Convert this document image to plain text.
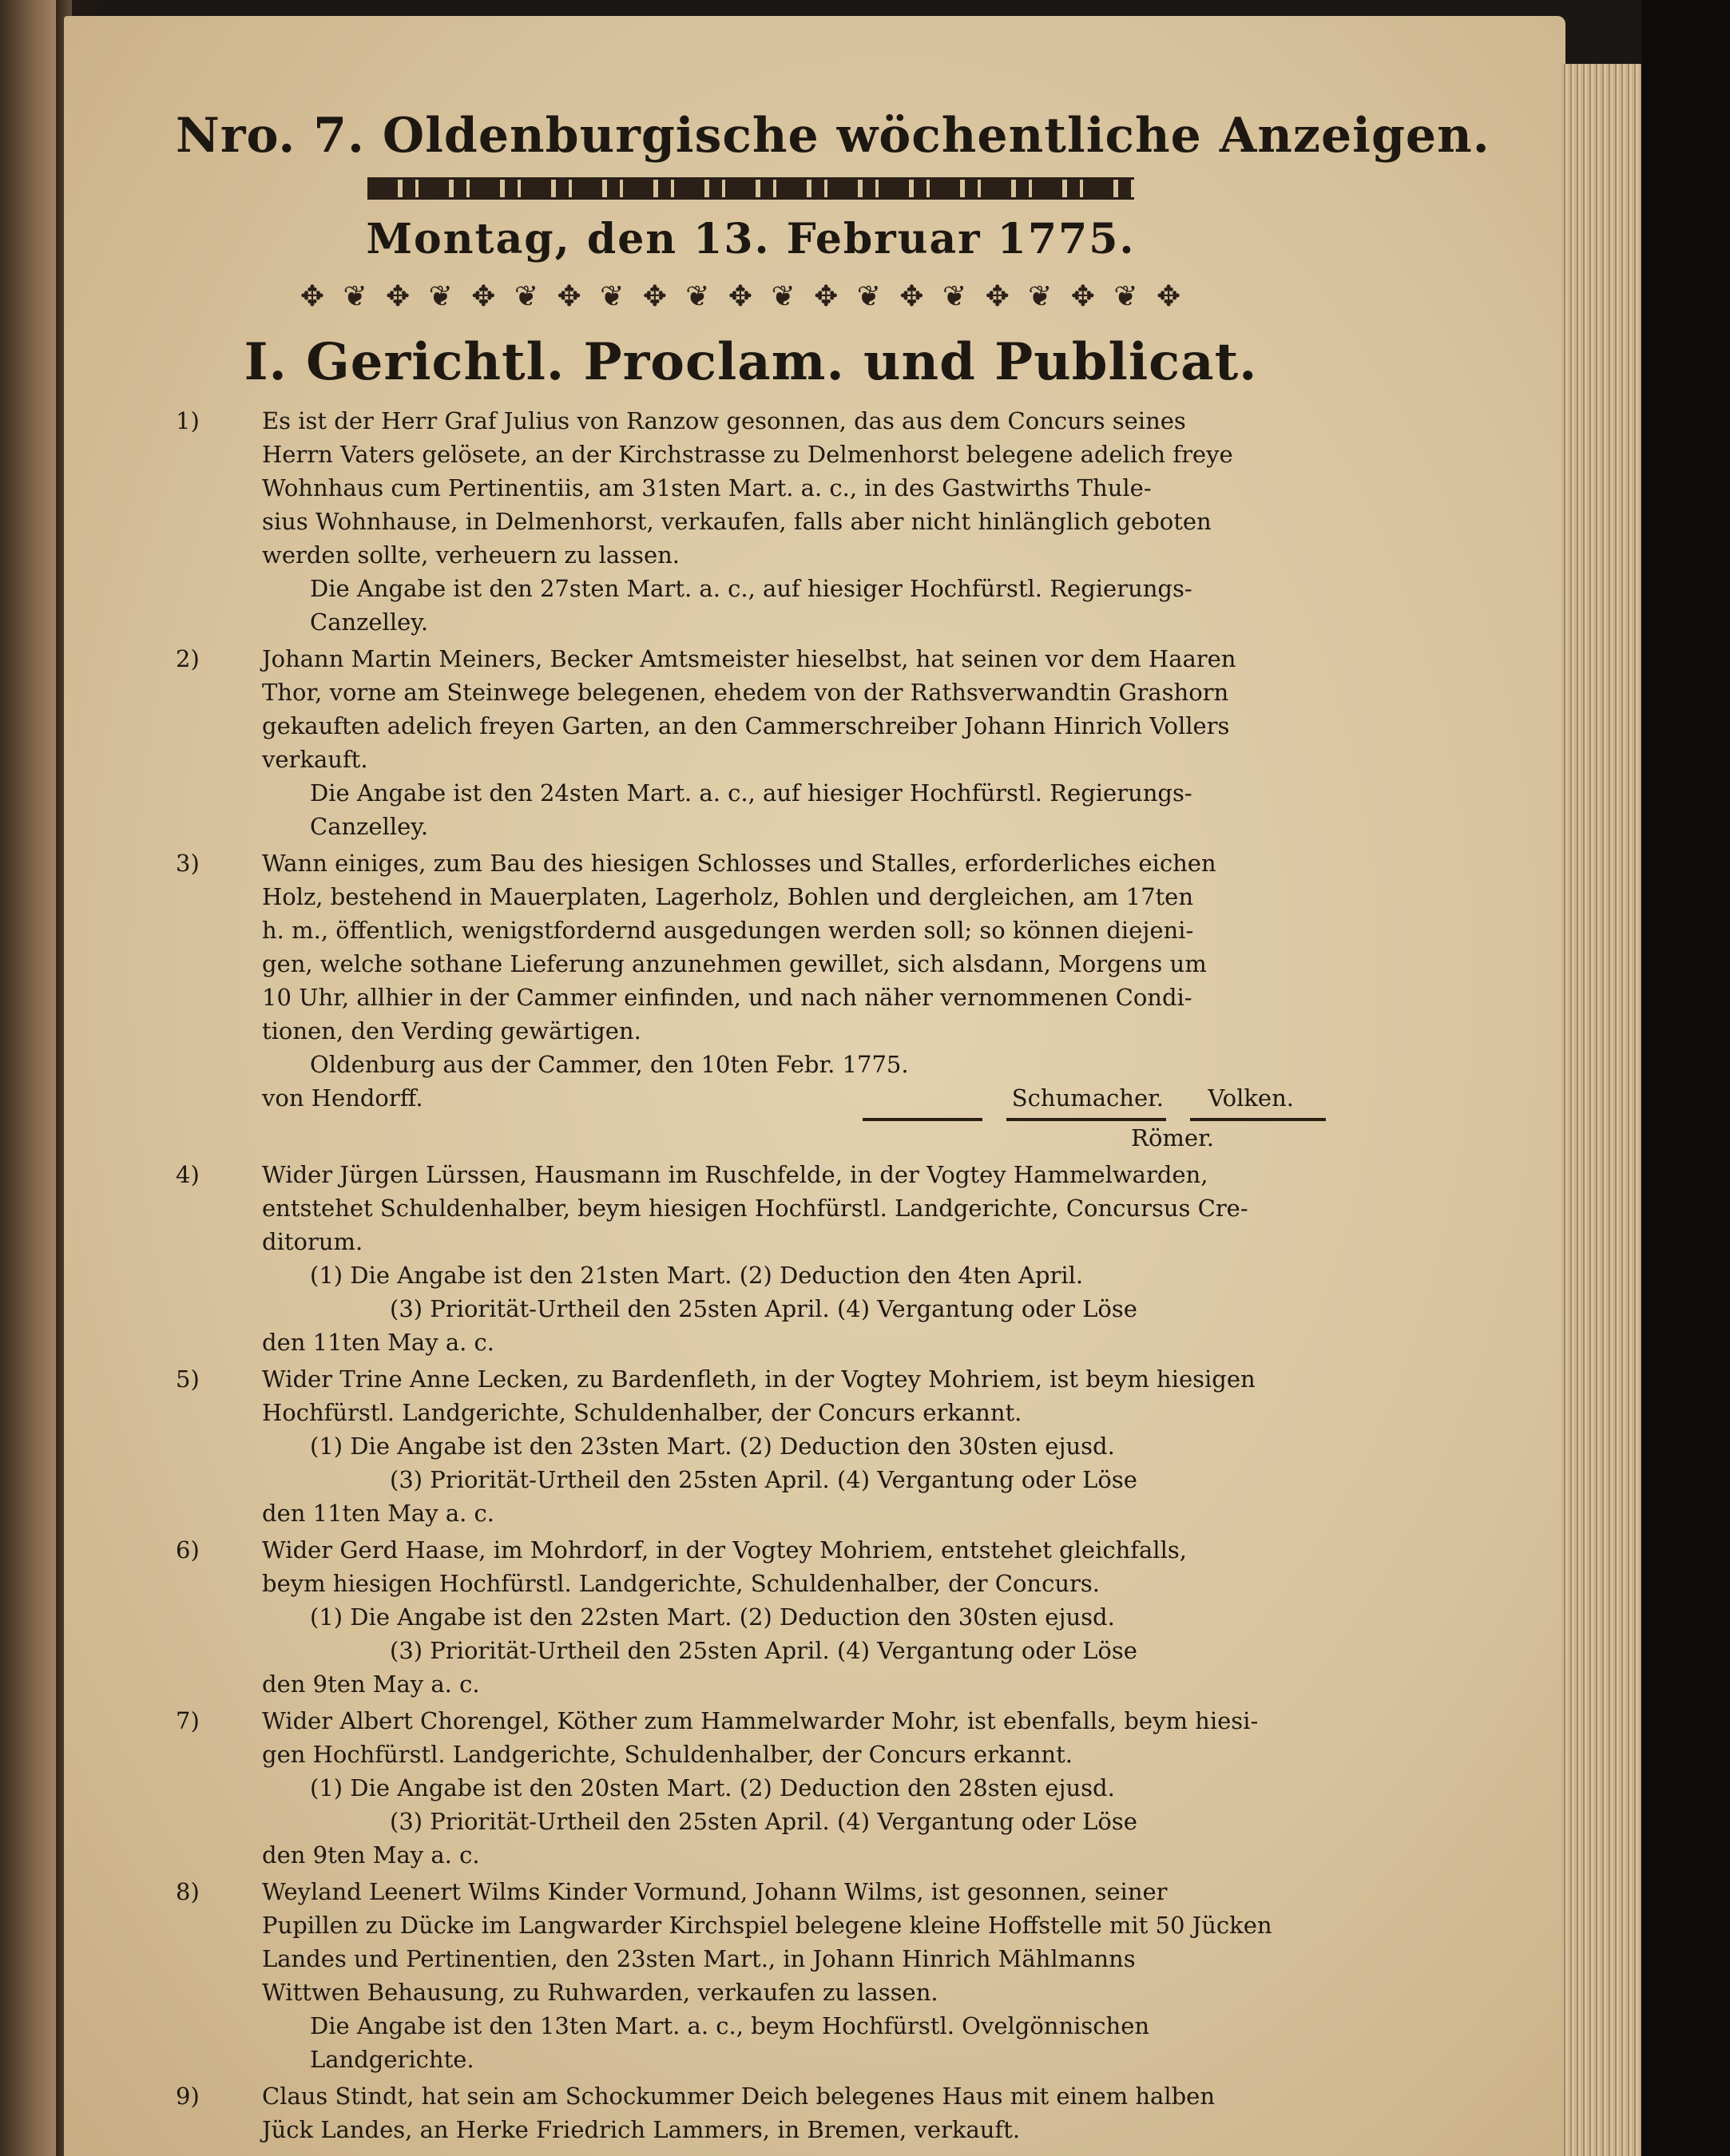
Nro. 7. Oldenburgische wöchentliche Anzeigen.
Montag, den 13. Februar 1775.
✥ ❦ ✥ ❦ ✥ ❦ ✥ ❦ ✥ ❦ ✥ ❦ ✥ ❦ ✥ ❦ ✥ ❦ ✥ ❦ ✥
I. Gerichtl. Proclam. und Publicat.
1)	Es ist der Herr Graf Julius von Ranzow gesonnen, das aus dem Concurs seines
Herrn Vaters gelösete, an der Kirchstrasse zu Delmenhorst belegene adelich freye
Wohnhaus cum Pertinentiis, am 31sten Mart. a. c., in des Gastwirths Thule-
sius Wohnhause, in Delmenhorst, verkaufen, falls aber nicht hinlänglich geboten
werden sollte, verheuern zu lassen.
Die Angabe ist den 27sten Mart. a. c., auf hiesiger Hochfürstl. Regierungs-
Canzelley.
2)	Johann Martin Meiners, Becker Amtsmeister hieselbst, hat seinen vor dem Haaren
Thor, vorne am Steinwege belegenen, ehedem von der Rathsverwandtin Grashorn
gekauften adelich freyen Garten, an den Cammerschreiber Johann Hinrich Vollers
verkauft.
Die Angabe ist den 24sten Mart. a. c., auf hiesiger Hochfürstl. Regierungs-
Canzelley.
3)	Wann einiges, zum Bau des hiesigen Schlosses und Stalles, erforderliches eichen
Holz, bestehend in Mauerplaten, Lagerholz, Bohlen und dergleichen, am 17ten
h. m., öffentlich, wenigstfordernd ausgedungen werden soll; so können diejeni-
gen, welche sothane Lieferung anzunehmen gewillet, sich alsdann, Morgens um
10 Uhr, allhier in der Cammer einfinden, und nach näher vernommenen Condi-
tionen, den Verding gewärtigen.
Oldenburg aus der Cammer, den 10ten Febr. 1775.
von Hendorff.	Schumacher. Volken.
Römer.
4)	Wider Jürgen Lürssen, Hausmann im Ruschfelde, in der Vogtey Hammelwarden,
entstehet Schuldenhalber, beym hiesigen Hochfürstl. Landgerichte, Concursus Cre-
ditorum.
(1) Die Angabe ist den 21sten Mart. (2) Deduction den 4ten April.
(3) Priorität-Urtheil den 25sten April. (4) Vergantung oder Löse
den 11ten May a. c.
5)	Wider Trine Anne Lecken, zu Bardenfleth, in der Vogtey Mohriem, ist beym hiesigen
Hochfürstl. Landgerichte, Schuldenhalber, der Concurs erkannt.
(1) Die Angabe ist den 23sten Mart. (2) Deduction den 30sten ejusd.
(3) Priorität-Urtheil den 25sten April. (4) Vergantung oder Löse
den 11ten May a. c.
6)	Wider Gerd Haase, im Mohrdorf, in der Vogtey Mohriem, entstehet gleichfalls,
beym hiesigen Hochfürstl. Landgerichte, Schuldenhalber, der Concurs.
(1) Die Angabe ist den 22sten Mart. (2) Deduction den 30sten ejusd.
(3) Priorität-Urtheil den 25sten April. (4) Vergantung oder Löse
den 9ten May a. c.
7)	Wider Albert Chorengel, Köther zum Hammelwarder Mohr, ist ebenfalls, beym hiesi-
gen Hochfürstl. Landgerichte, Schuldenhalber, der Concurs erkannt.
(1) Die Angabe ist den 20sten Mart. (2) Deduction den 28sten ejusd.
(3) Priorität-Urtheil den 25sten April. (4) Vergantung oder Löse
den 9ten May a. c.
8)	Weyland Leenert Wilms Kinder Vormund, Johann Wilms, ist gesonnen, seiner
Pupillen zu Dücke im Langwarder Kirchspiel belegene kleine Hoffstelle mit 50 Jücken
Landes und Pertinentien, den 23sten Mart., in Johann Hinrich Mählmanns
Wittwen Behausung, zu Ruhwarden, verkaufen zu lassen.
Die Angabe ist den 13ten Mart. a. c., beym Hochfürstl. Ovelgönnischen
Landgerichte.
9)	Claus Stindt, hat sein am Schockummer Deich belegenes Haus mit einem halben
Jück Landes, an Herke Friedrich Lammers, in Bremen, verkauft.
